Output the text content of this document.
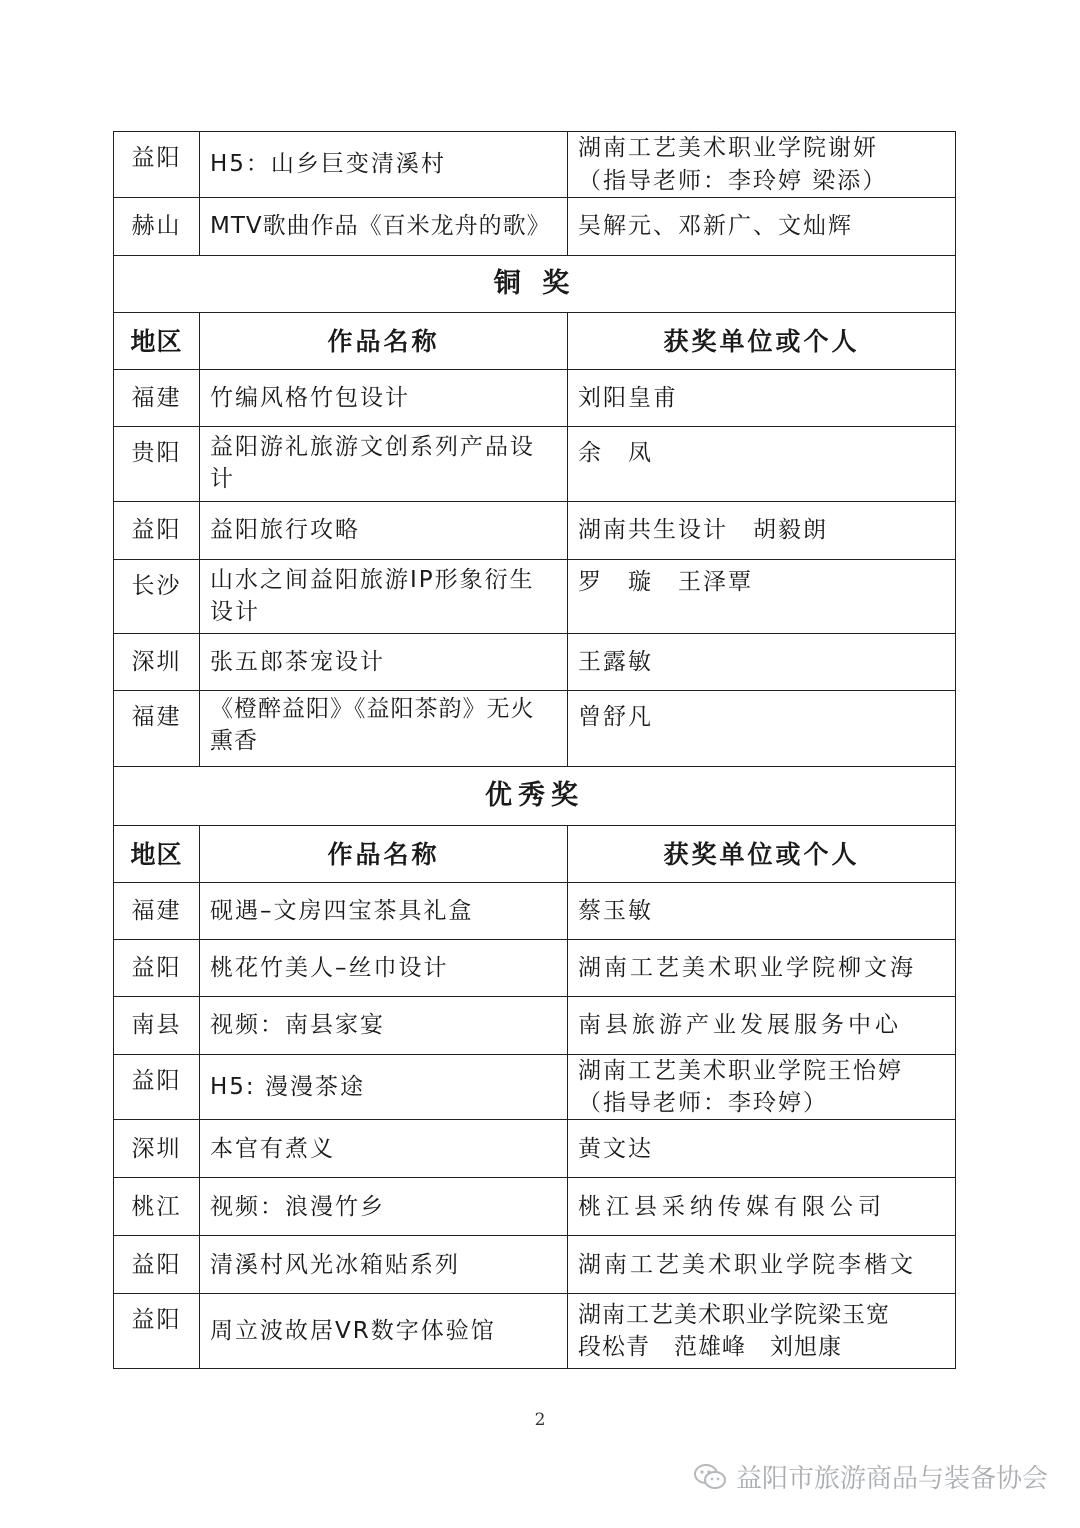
益阳	H5：山乡巨变清溪村	湖南工艺美术职业学院谢妍
（指导老师：李玲婷 梁添）

赫山	MTV歌曲作品《百米龙舟的歌》	吴解元、邓新广、文灿辉
铜 奖		
地区	作品名称	获奖单位或个人
福建	竹编风格竹包设计	刘阳皇甫
贵阳	益阳游礼旅游文创系列产品设计	余　凤
益阳	益阳旅行攻略	湖南共生设计　胡毅朗
长沙	山水之间益阳旅游IP形象衍生设计	罗　璇　王泽覃
深圳	张五郎茶宠设计	王露敏
福建	《橙醉益阳》《益阳茶韵》无火熏香	曾舒凡
优秀奖		
地区	作品名称	获奖单位或个人
福建	砚遇–文房四宝茶具礼盒	蔡玉敏
益阳	桃花竹美人–丝巾设计	湖南工艺美术职业学院柳文海
南县	视频：南县家宴	南县旅游产业发展服务中心
益阳	H5: 漫漫茶途	湖南工艺美术职业学院王怡婷
（指导老师：李玲婷）

深圳	本官有煮义	黄文达
桃江	视频：浪漫竹乡	桃江县采纳传媒有限公司
益阳	清溪村风光冰箱贴系列	湖南工艺美术职业学院李楷文
益阳	周立波故居VR数字体验馆	湖南工艺美术职业学院梁玉宽
段松青　范雄峰　刘旭康
2
益阳市旅游商品与装备协会
